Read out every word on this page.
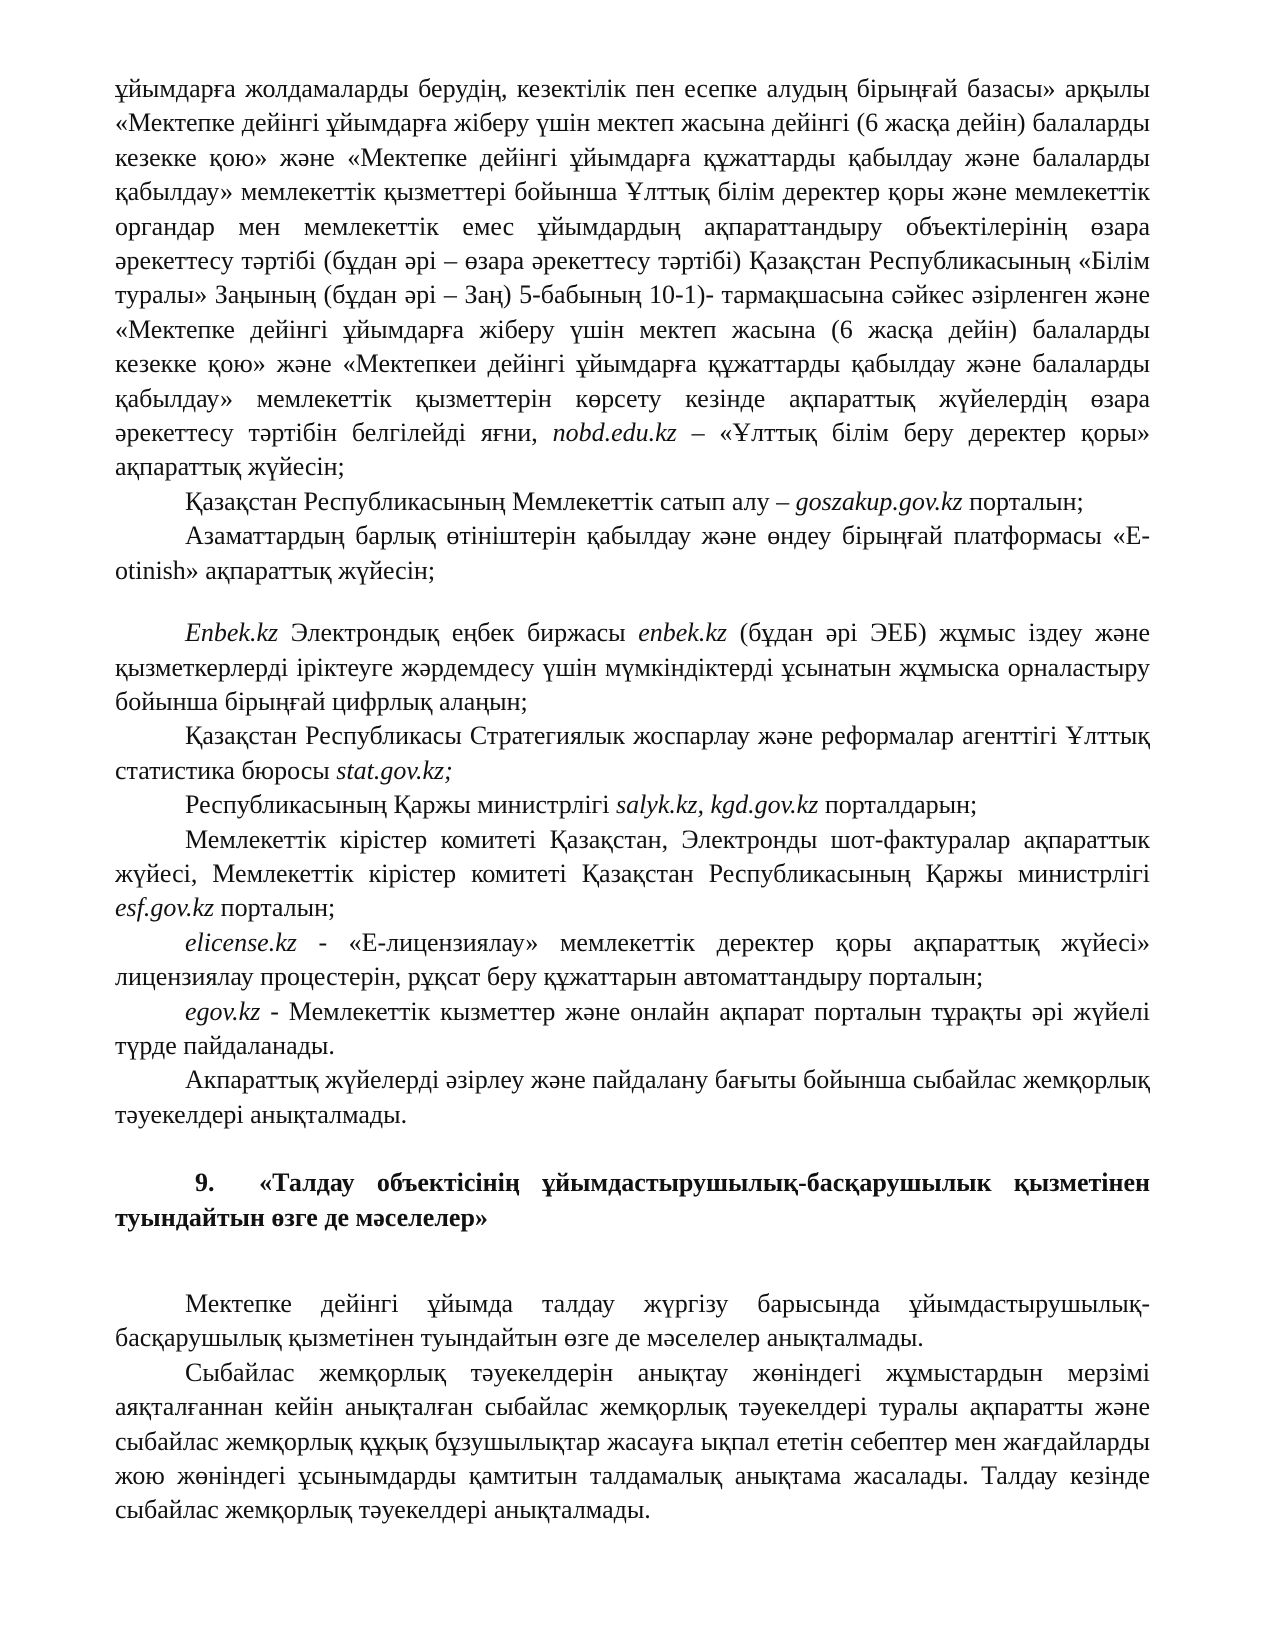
ұйымдарға жолдамаларды берудің, кезектілік пен есепке алудың бірыңғай базасы» арқылы «Мектепке дейінгі ұйымдарға жіберу үшін мектеп жасына дейінгі (6 жасқа дейін) балаларды кезекке қою» және «Мектепке дейінгі ұйымдарға құжаттарды қабылдау және балаларды қабылдау» мемлекеттік қызметтері бойынша Ұлттық білім деректер қоры және мемлекеттік органдар мен мемлекеттік емес ұйымдардың ақпараттандыру объектілерінің өзара әрекеттесу тәртібі (бұдан әрі – өзара әрекеттесу тәртібі) Қазақстан Республикасының «Білім туралы» Заңының (бұдан әрі – Заң) 5-бабының 10-1)- тармақшасына сәйкес әзірленген және «Мектепке дейінгі ұйымдарға жіберу үшін мектеп жасына (6 жасқа дейін) балаларды кезекке қою» және «Мектепкеи дейінгі ұйымдарға құжаттарды қабылдау және балаларды қабылдау» мемлекеттік қызметтерін көрсету кезінде ақпараттық жүйелердің өзара әрекеттесу тәртібін белгілейді яғни, nobd.edu.kz – «Ұлттық білім беру деректер қоры» ақпараттық жүйесін;

Қазақстан Республикасының Мемлекеттік сатып алу – goszakup.gov.kz порталын;

Азаматтардың барлық өтiнiштерін қабылдау және өндеу бірыңғай платформасы «E-otinish» ақпараттық жүйесін;

Enbek.kz Электрондық еңбек биржасы enbek.kz (бұдан әрі ЭЕБ) жұмыс іздеу және қызметкерлерді іріктеуге жәрдемдесу үшін мүмкіндіктерді ұсынатын жұмыска орналастыру бойынша бірыңғай цифрлық алаңын;

Қазақстан Республикасы Стратегиялык жоспарлау және реформалар агенттігі Ұлттық статистика бюросы stat.gov.kz;

Республикасының Қаржы министрлігі salyk.kz, kgd.gov.kz порталдарын;

Мемлекеттік кірістер комитеті Қазақстан, Электронды шот-фактуралар ақпараттык жүйесі, Мемлекеттік кірістер комитеті Қазақстан Республикасының Қаржы министрлігі esf.gov.kz порталын;

elicense.kz - «Е-лицензиялау» мемлекеттік деректер қоры ақпараттық жүйесі» лицензиялау процестерін, рұқсат беру құжаттарын автоматтандыру порталын;

egov.kz - Мемлекеттік кызметтер және онлайн ақпарат порталын тұрақты әрі жүйелі түрде пайдаланады.

Акпараттық жүйелерді әзірлеу және пайдалану бағыты бойынша сыбайлас жемқорлық тәуекелдері анықталмады.

9. «Талдау объектісінің ұйымдастырушылық-басқарушылык қызметінен туындайтын өзге де мәселелер»

Мектепке дейінгі ұйымда талдау жүргізу барысында ұйымдастырушылық-басқарушылық қызметінен туындайтын өзге де мәселелер анықталмады.

Сыбайлас жемқорлық тәуекелдерін анықтау жөніндегі жұмыстардын мерзімі аяқталғаннан кейін анықталған сыбайлас жемқорлық тәуекелдері туралы ақпаратты және сыбайлас жемқорлық құқық бұзушылықтар жасауға ықпал ететін себептер мен жағдайларды жою жөніндегі ұсынымдарды қамтитын талдамалық анықтама жасалады. Талдау кезінде сыбайлас жемқорлық тәуекелдері анықталмады.
